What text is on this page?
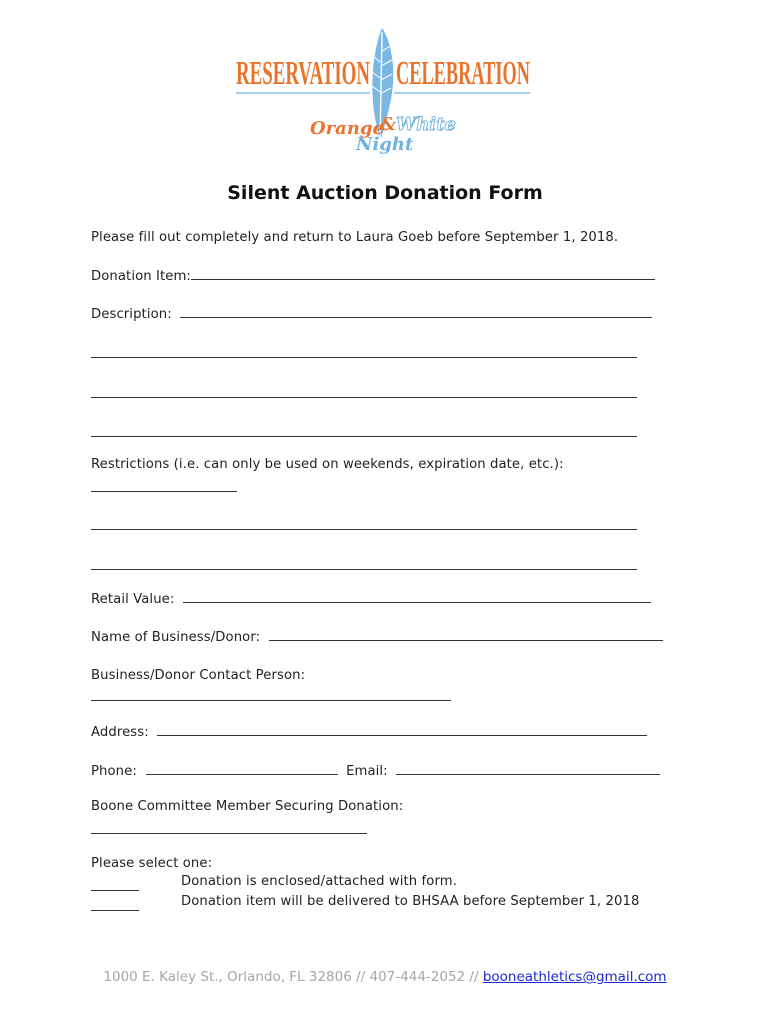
RESERVATION CELEBRATION
Orange
& White
Night
Silent Auction Donation Form
Please fill out completely and return to Laura Goeb before September 1, 2018.
Donation Item:
Description:
Restrictions (i.e. can only be used on weekends, expiration date, etc.):
Retail Value:
Name of Business/Donor:
Business/Donor Contact Person:
Address:
Phone:	Email:
Boone Committee Member Securing Donation:
Please select one:
Donation is enclosed/attached with form.
Donation item will be delivered to BHSAA before September 1, 2018
1000 E. Kaley St., Orlando, FL 32806 // 407-444-2052 // booneathletics@gmail.com
